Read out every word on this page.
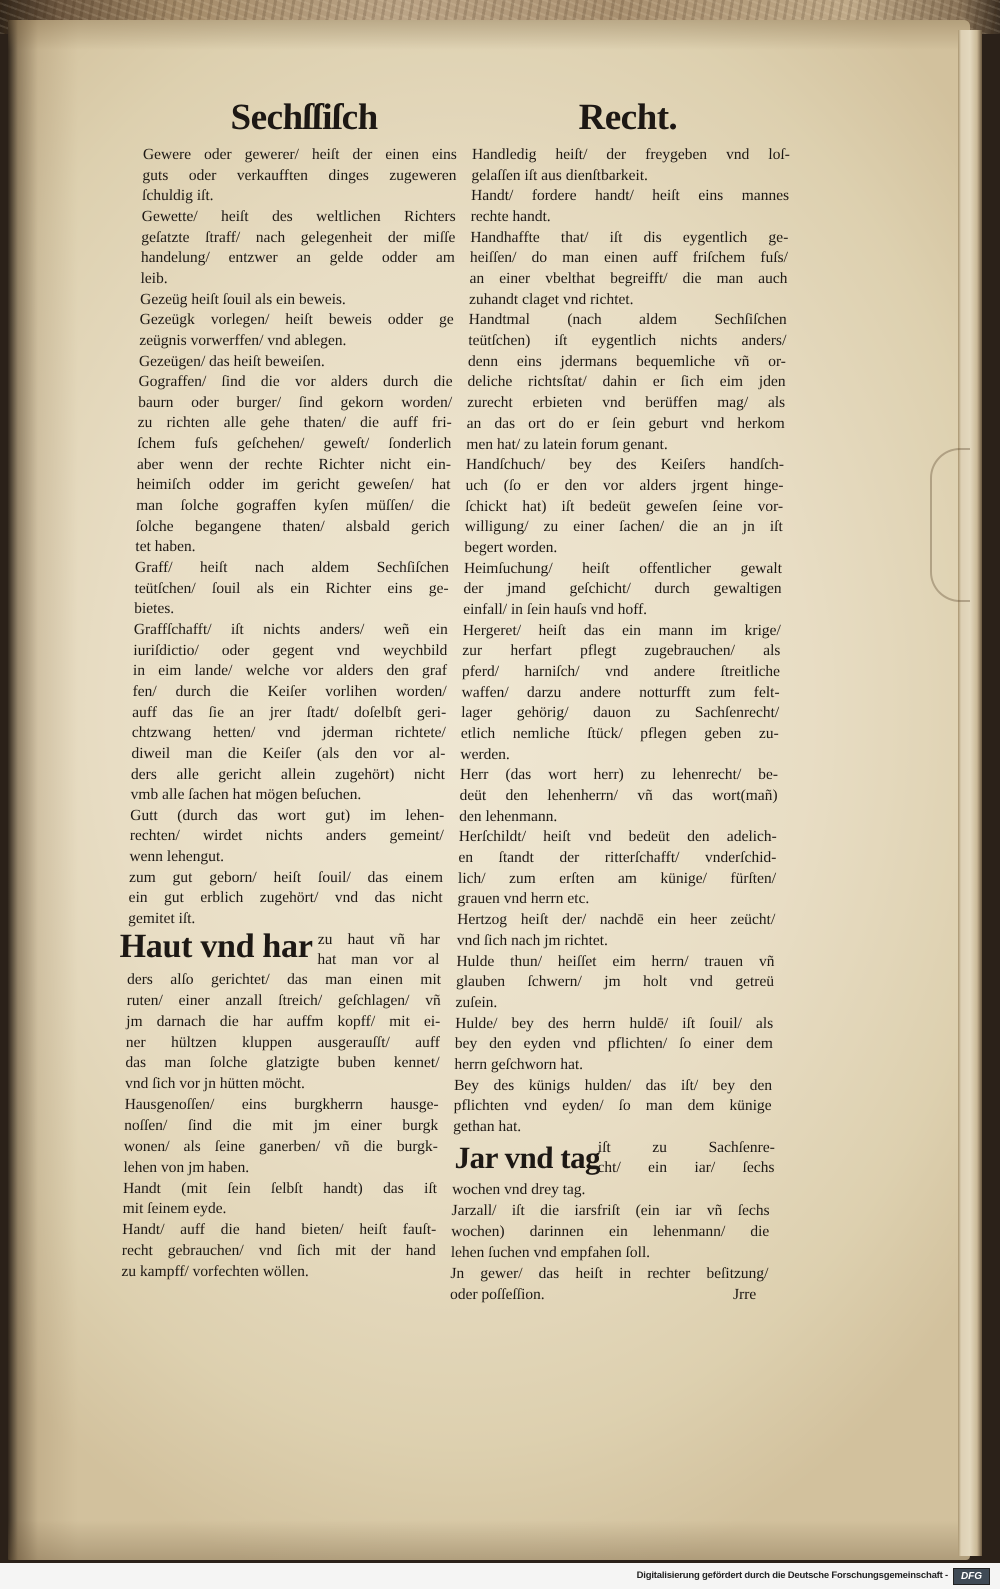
Sechſſiſch	Recht.
Gewere oder gewerer/ heiſt der einen eins
guts oder verkaufften dinges zugeweren
ſchuldig iſt.
Gewette/ heiſt des weltlichen Richters
geſatzte ſtraff/ nach gelegenheit der miſſe
handelung/ entzwer an gelde odder am
leib.
Gezeüg heiſt ſouil als ein beweis.
Gezeügk vorlegen/ heiſt beweis odder ge
zeügnis vorwerffen/ vnd ablegen.
Gezeügen/ das heiſt beweiſen.
Gograffen/ ſind die vor alders durch die
baurn oder burger/ ſind gekorn worden/
zu richten alle gehe thaten/ die auff fri-
ſchem fuſs geſchehen/ geweſt/ ſonderlich
aber wenn der rechte Richter nicht ein-
heimiſch odder im gericht geweſen/ hat
man ſolche gograffen kyſen müſſen/ die
ſolche begangene thaten/ alsbald gerich
tet haben.
Graff/ heiſt nach aldem Sechſiſchen
teütſchen/ ſouil als ein Richter eins ge-
bietes.
Graffſchafft/ iſt nichts anders/ weñ ein
iuriſdictio/ oder gegent vnd weychbild
in eim lande/ welche vor alders den graf
fen/ durch die Keiſer vorlihen worden/
auff das ſie an jrer ſtadt/ doſelbſt geri-
chtzwang hetten/ vnd jderman richtete/
diweil man die Keiſer (als den vor al-
ders alle gericht allein zugehört) nicht
vmb alle ſachen hat mögen beſuchen.
Gutt (durch das wort gut) im lehen-
rechten/ wirdet nichts anders gemeint/
wenn lehengut.
zum gut geborn/ heiſt ſouil/ das einem
ein gut erblich zugehört/ vnd das nicht
gemitet iſt.
Haut vnd har zu haut vñ har
hat man vor al
ders alſo gerichtet/ das man einen mit
ruten/ einer anzall ſtreich/ geſchlagen/ vñ
jm darnach die har auffm kopff/ mit ei-
ner hültzen kluppen ausgerauſſt/ auff
das man ſolche glatzigte buben kennet/
vnd ſich vor jn hütten möcht.
Hausgenoſſen/ eins burgkherrn hausge-
noſſen/ ſind die mit jm einer burgk
wonen/ als ſeine ganerben/ vñ die burgk-
lehen von jm haben.
Handt (mit ſein ſelbſt handt) das iſt
mit ſeinem eyde.
Handt/ auff die hand bieten/ heiſt fauſt-
recht gebrauchen/ vnd ſich mit der hand
zu kampff/ vorfechten wöllen.
Handledig heiſt/ der freygeben vnd loſ-
gelaſſen iſt aus dienſtbarkeit.
Handt/ fordere handt/ heiſt eins mannes
rechte handt.
Handhaffte that/ iſt dis eygentlich ge-
heiſſen/ do man einen auff friſchem fuſs/
an einer vbelthat begreifft/ die man auch
zuhandt claget vnd richtet.
Handtmal (nach aldem Sechſiſchen
teütſchen) iſt eygentlich nichts anders/
denn eins jdermans bequemliche vñ or-
deliche richtsſtat/ dahin er ſich eim jden
zurecht erbieten vnd berüffen mag/ als
an das ort do er ſein geburt vnd herkom
men hat/ zu latein forum genant.
Handſchuch/ bey des Keiſers handſch-
uch (ſo er den vor alders jrgent hinge-
ſchickt hat) iſt bedeüt geweſen ſeine vor-
willigung/ zu einer ſachen/ die an jn iſt
begert worden.
Heimſuchung/ heiſt offentlicher gewalt
der jmand geſchicht/ durch gewaltigen
einfall/ in ſein hauſs vnd hoff.
Hergeret/ heiſt das ein mann im krige/
zur herfart pflegt zugebrauchen/ als
pferd/ harniſch/ vnd andere ſtreitliche
waffen/ darzu andere notturfft zum felt-
lager gehörig/ dauon zu Sachſenrecht/
etlich nemliche ſtück/ pflegen geben zu-
werden.
Herr (das wort herr) zu lehenrecht/ be-
deüt den lehenherrn/ vñ das wort(mañ)
den lehenmann.
Herſchildt/ heiſt vnd bedeüt den adelich-
en ſtandt der ritterſchafft/ vnderſchid-
lich/ zum erſten am künige/ fürſten/
grauen vnd herrn etc.
Hertzog heiſt der/ nachdē ein heer zeücht/
vnd ſich nach jm richtet.
Hulde thun/ heiſſet eim herrn/ trauen vñ
glauben ſchwern/ jm holt vnd getreü
zuſein.
Hulde/ bey des herrn huldē/ iſt ſouil/ als
bey den eyden vnd pflichten/ ſo einer dem
herrn geſchworn hat.
Bey des künigs hulden/ das iſt/ bey den
pflichten vnd eyden/ ſo man dem künige
gethan hat.
Jar vnd tag
iſt zu Sachſenre-
cht/ ein iar/ ſechs
wochen vnd drey tag.
Jarzall/ iſt die iarsfriſt (ein iar vñ ſechs
wochen) darinnen ein lehenmann/ die
lehen ſuchen vnd empfahen ſoll.
Jn gewer/ das heiſt in rechter beſitzung/
oder poſſeſſion.	Jrre
Digitalisierung gefördert durch die Deutsche Forschungsgemeinschaft -	DFG
